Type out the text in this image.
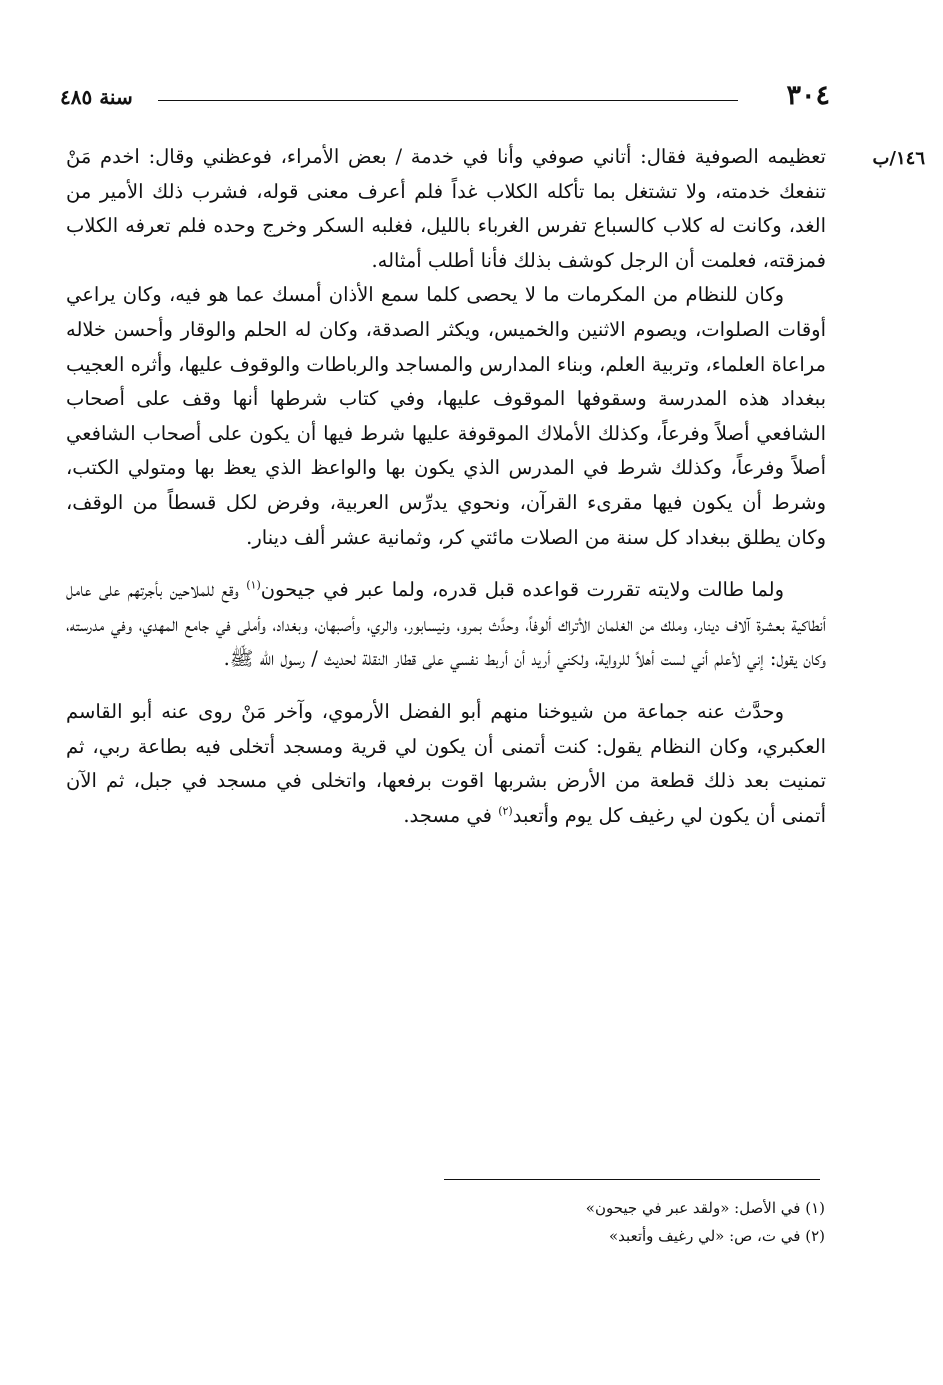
٣٠٤
سنة ٤٨٥
١٤٦/ب

تعظيمه الصوفية فقال: أتاني صوفي وأنا في خدمة / بعض الأمراء، فوعظني وقال: اخدم مَنْ تنفعك خدمته، ولا تشتغل بما تأكله الكلاب غداً فلم أعرف معنى قوله، فشرب ذلك الأمير من الغد، وكانت له كلاب كالسباع تفرس الغرباء بالليل، فغلبه السكر وخرج وحده فلم تعرفه الكلاب فمزقته، فعلمت أن الرجل كوشف بذلك فأنا أطلب أمثاله.

وكان للنظام من المكرمات ما لا يحصى كلما سمع الأذان أمسك عما هو فيه، وكان يراعي أوقات الصلوات، ويصوم الاثنين والخميس، ويكثر الصدقة، وكان له الحلم والوقار وأحسن خلاله مراعاة العلماء، وتربية العلم، وبناء المدارس والمساجد والرباطات والوقوف عليها، وأثره العجيب ببغداد هذه المدرسة وسقوفها الموقوف عليها، وفي كتاب شرطها أنها وقف على أصحاب الشافعي أصلاً وفرعاً، وكذلك الأملاك الموقوفة عليها شرط فيها أن يكون على أصحاب الشافعي أصلاً وفرعاً، وكذلك شرط في المدرس الذي يكون بها والواعظ الذي يعظ بها ومتولي الكتب، وشرط أن يكون فيها مقرىء القرآن، ونحوي يدرِّس العربية، وفرض لكل قسطاً من الوقف، وكان يطلق ببغداد كل سنة من الصلات مائتي كر، وثمانية عشر ألف دينار.

ولما طالت ولايته تقررت قواعده قبل قدره، ولما عبر في جيحون$^{(١)}$ وقع للملاحين بأجرتهم على عامل أنطاكية بعشرة آلاف دينار، وملك من الغلمان الأتراك ألوفاً، وحدَّث بمرو، ونيسابور، والري، وأصبهان، وبغداد، وأملى في جامع المهدي، وفي مدرسته، وكان يقول: إني لأعلم أني لست أهلاً للرواية، ولكني أريد أن أربط نفسي على قطار النقلة لحديث / رسول الله ﷺ.

وحدَّث عنه جماعة من شيوخنا منهم أبو الفضل الأرموي، وآخر مَنْ روى عنه أبو القاسم العكبري، وكان النظام يقول: كنت أتمنى أن يكون لي قرية ومسجد أتخلى فيه بطاعة ربي، ثم تمنيت بعد ذلك قطعة من الأرض بشربها اقوت برفعها، واتخلى في مسجد في جبل، ثم الآن أتمنى أن يكون لي رغيف كل يوم وأتعبد$^{(٢)}$ في مسجد.

(١) في الأصل: «ولقد عبر في جيحون»
(٢) في ت، ص: «لي رغيف وأتعبد»
